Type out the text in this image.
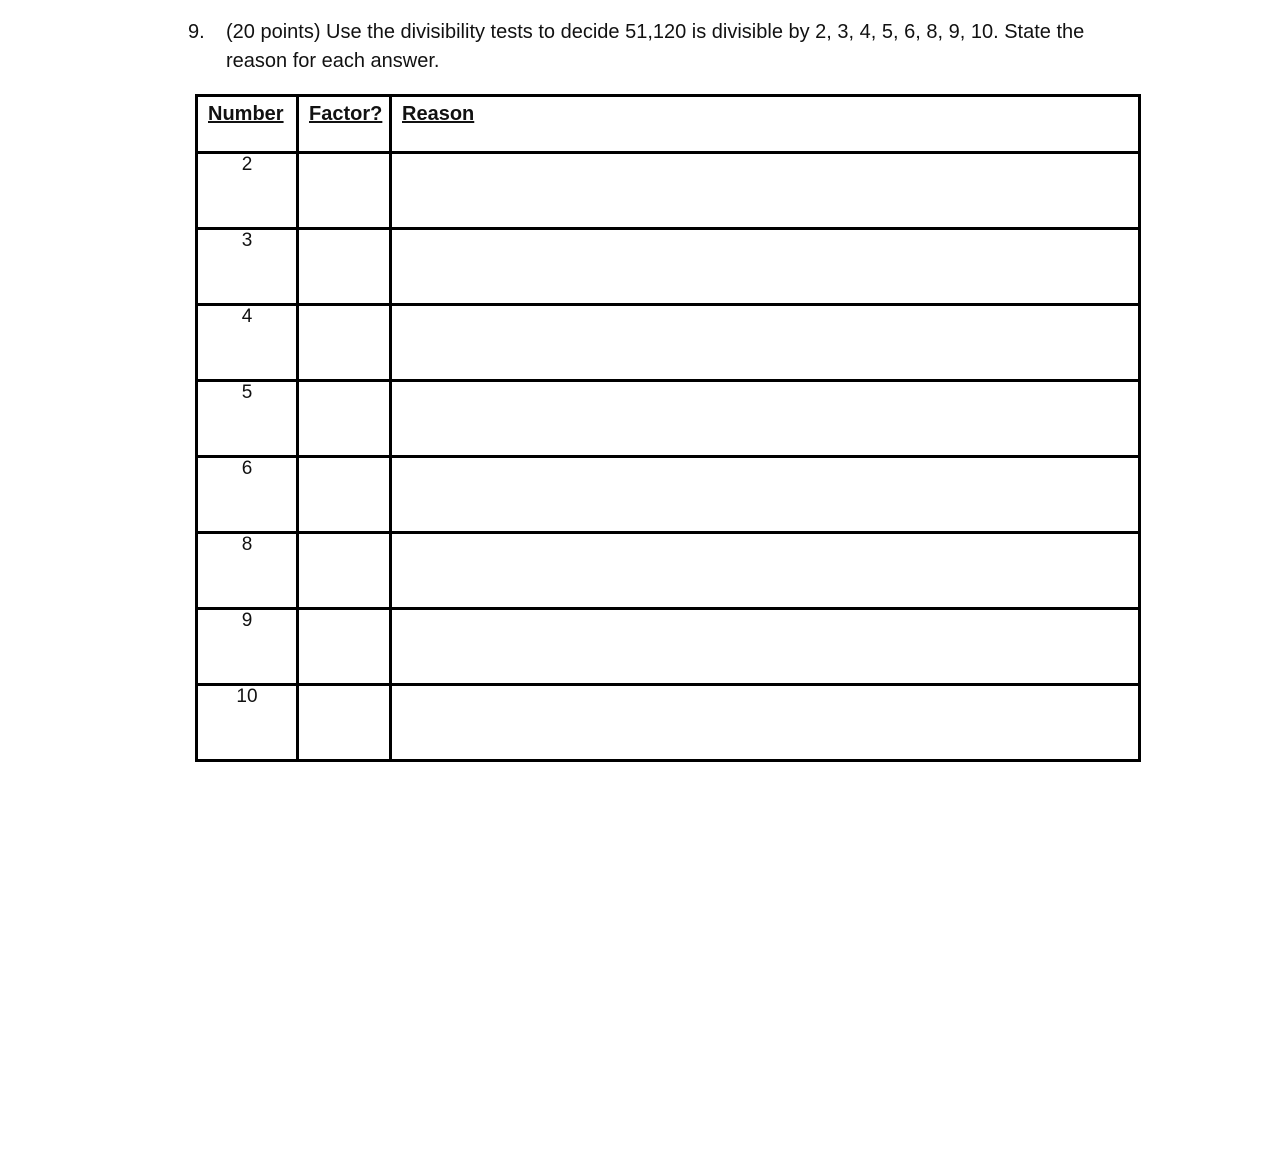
9. (20 points) Use the divisibility tests to decide 51,120 is divisible by 2, 3, 4, 5, 6, 8, 9, 10. State the reason for each answer.
Number	Factor?	Reason
2		
3		
4		
5		
6		
8		
9		
10		
